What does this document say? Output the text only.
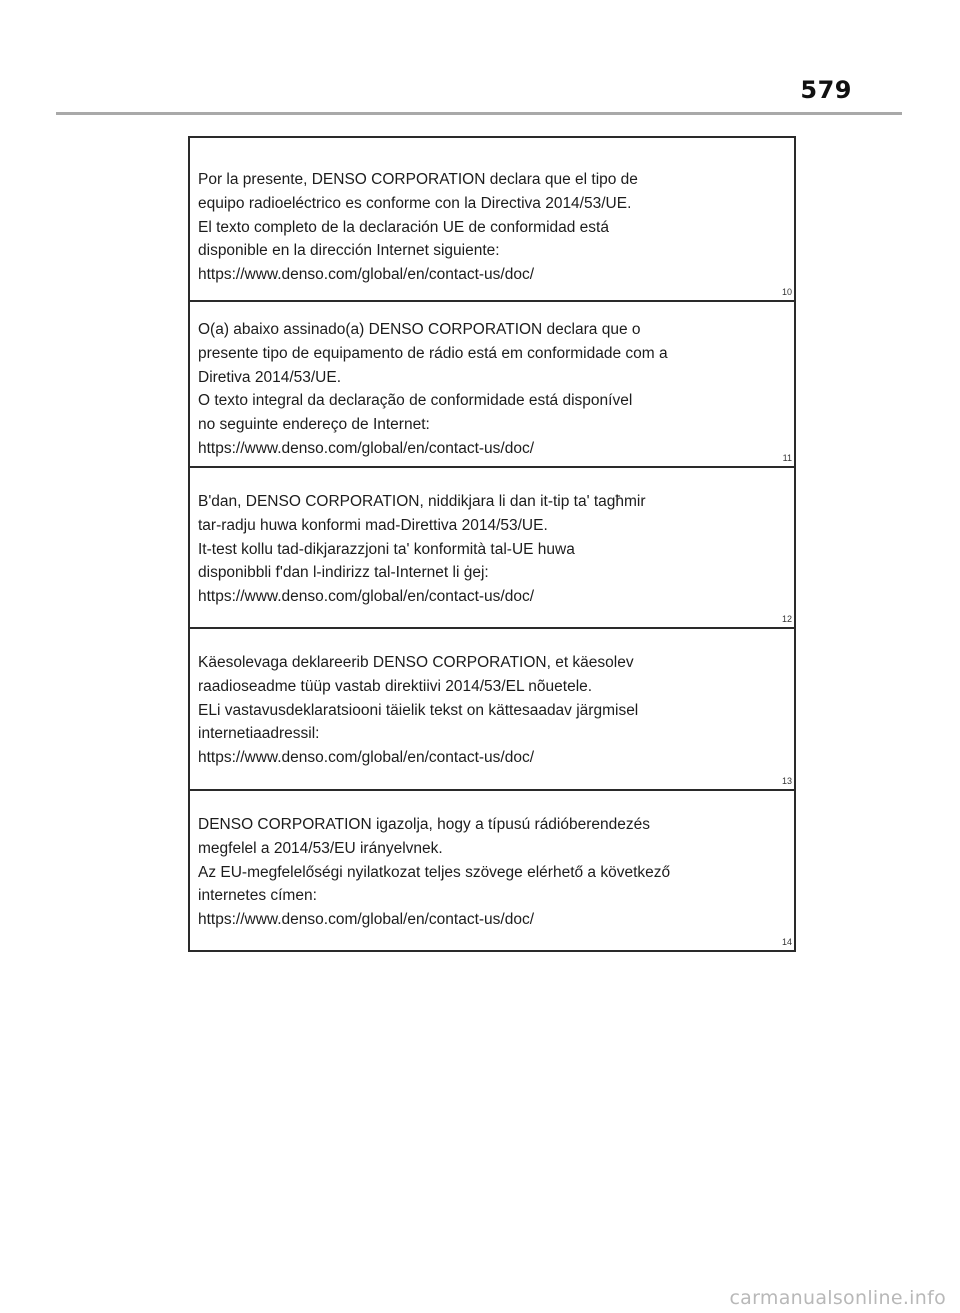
579
Por la presente, DENSO CORPORATION declara que el tipo de
equipo radioeléctrico es conforme con la Directiva 2014/53/UE.
El texto completo de la declaración UE de conformidad está
disponible en la dirección Internet siguiente:
https://www.denso.com/global/en/contact-us/doc/
10
O(a) abaixo assinado(a) DENSO CORPORATION declara que o
presente tipo de equipamento de rádio está em conformidade com a
Diretiva 2014/53/UE.
O texto integral da declaração de conformidade está disponível
no seguinte endereço de Internet:
https://www.denso.com/global/en/contact-us/doc/
11
B'dan, DENSO CORPORATION, niddikjara li dan it-tip ta' tagħmir
tar-radju huwa konformi mad-Direttiva 2014/53/UE.
It-test kollu tad-dikjarazzjoni ta' konformità tal-UE huwa
disponibbli f'dan l-indirizz tal-Internet li ġej:
https://www.denso.com/global/en/contact-us/doc/
12
Käesolevaga deklareerib DENSO CORPORATION, et käesolev
raadioseadme tüüp vastab direktiivi 2014/53/EL nõuetele.
ELi vastavusdeklaratsiooni täielik tekst on kättesaadav järgmisel
internetiaadressil:
https://www.denso.com/global/en/contact-us/doc/
13
DENSO CORPORATION igazolja, hogy a típusú rádióberendezés
megfelel a 2014/53/EU irányelvnek.
Az EU-megfelelőségi nyilatkozat teljes szövege elérhető a következő
internetes címen:
https://www.denso.com/global/en/contact-us/doc/
14
carmanualsonline.info
